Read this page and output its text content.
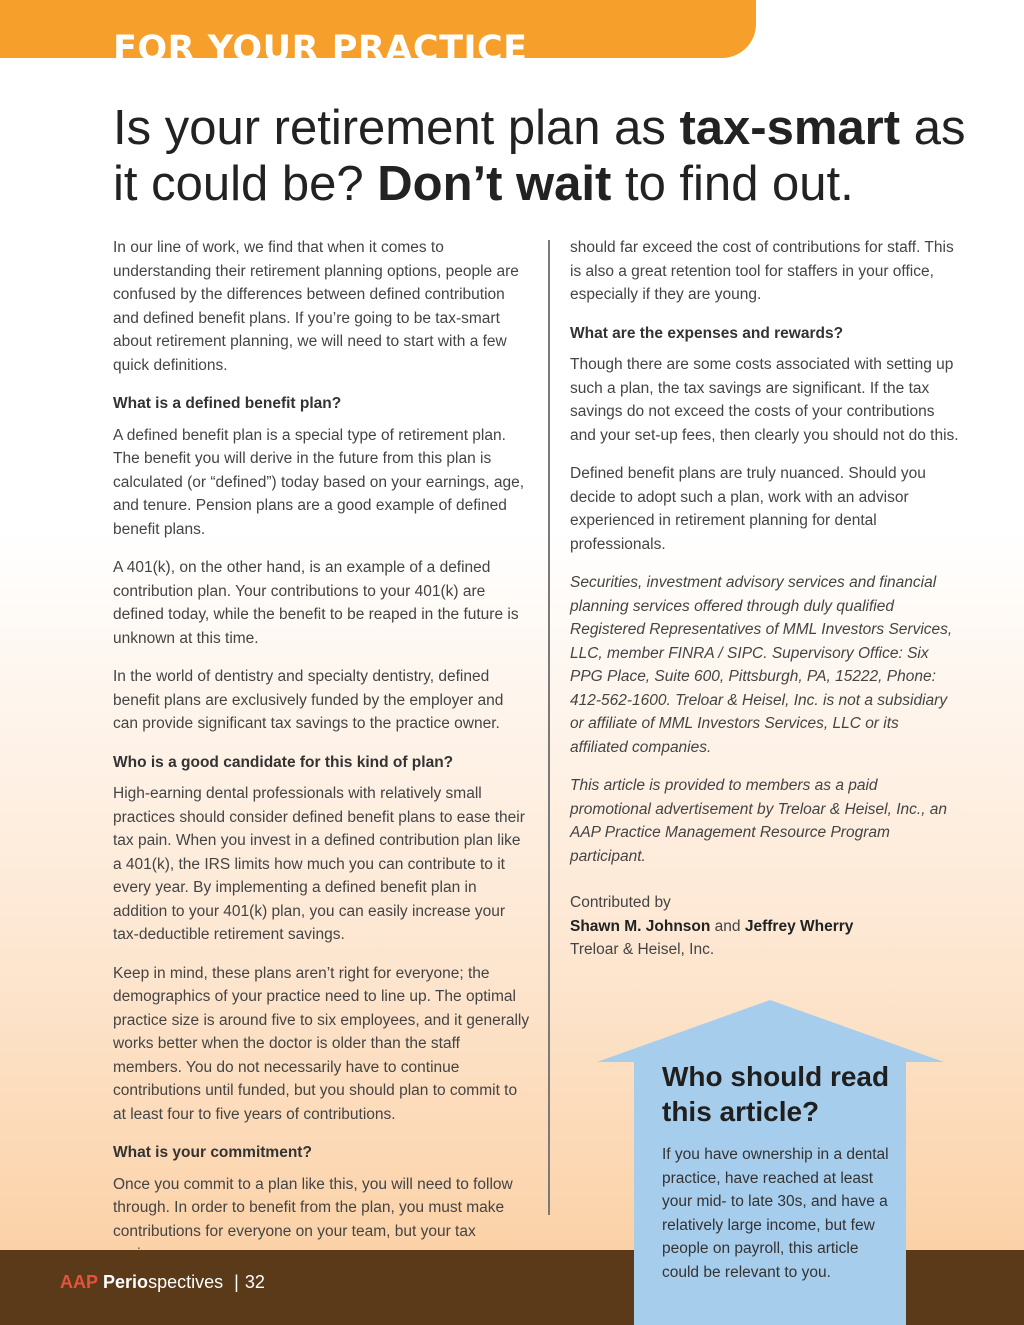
FOR YOUR PRACTICE
Is your retirement plan as tax-smart as it could be? Don’t wait to find out.

In our line of work, we find that when it comes to understanding their retirement planning options, people are confused by the differences between defined contribution and defined benefit plans. If you’re going to be tax-smart about retirement planning, we will need to start with a few quick definitions.

What is a defined benefit plan?

A defined benefit plan is a special type of retirement plan. The benefit you will derive in the future from this plan is calculated (or “defined”) today based on your earnings, age, and tenure. Pension plans are a good example of defined benefit plans.

A 401(k), on the other hand, is an example of a defined contribution plan. Your contributions to your 401(k) are defined today, while the benefit to be reaped in the future is unknown at this time.

In the world of dentistry and specialty dentistry, defined benefit plans are exclusively funded by the employer and can provide significant tax savings to the practice owner.

Who is a good candidate for this kind of plan?

High-earning dental professionals with relatively small practices should consider defined benefit plans to ease their tax pain. When you invest in a defined contribution plan like a 401(k), the IRS limits how much you can contribute to it every year. By implementing a defined benefit plan in addition to your 401(k) plan, you can easily increase your tax-deductible retirement savings.

Keep in mind, these plans aren’t right for everyone; the demographics of your practice need to line up. The optimal practice size is around five to six employees, and it generally works better when the doctor is older than the staff members. You do not necessarily have to continue contributions until funded, but you should plan to commit to at least four to five years of contributions.

What is your commitment?

Once you commit to a plan like this, you will need to follow through. In order to benefit from the plan, you must make contributions for everyone on your team, but your tax

should far exceed the cost of contributions for staff. This is also a great retention tool for staffers in your office, especially if they are young.

What are the expenses and rewards?

Though there are some costs associated with setting up such a plan, the tax savings are significant. If the tax savings do not exceed the costs of your contributions and your set-up fees, then clearly you should not do this.

Defined benefit plans are truly nuanced. Should you decide to adopt such a plan, work with an advisor experienced in retirement planning for dental professionals.

Securities, investment advisory services and financial planning services offered through duly qualified Registered Representatives of MML Investors Services, LLC, member FINRA / SIPC. Supervisory Office: Six PPG Place, Suite 600, Pittsburgh, PA, 15222, Phone: 412-562-1600. Treloar & Heisel, Inc. is not a subsidiary or affiliate of MML Investors Services, LLC or its affiliated companies.

This article is provided to members as a paid promotional advertisement by Treloar & Heisel, Inc., an AAP Practice Management Resource Program participant.

Contributed by
Shawn M. Johnson and Jeffrey Wherry
Treloar & Heisel, Inc.
AAP Periospectives | 32
Who should read this article?
If you have ownership in a dental practice, have reached at least your mid- to late 30s, and have a relatively large income, but few people on payroll, this article could be relevant to you.
